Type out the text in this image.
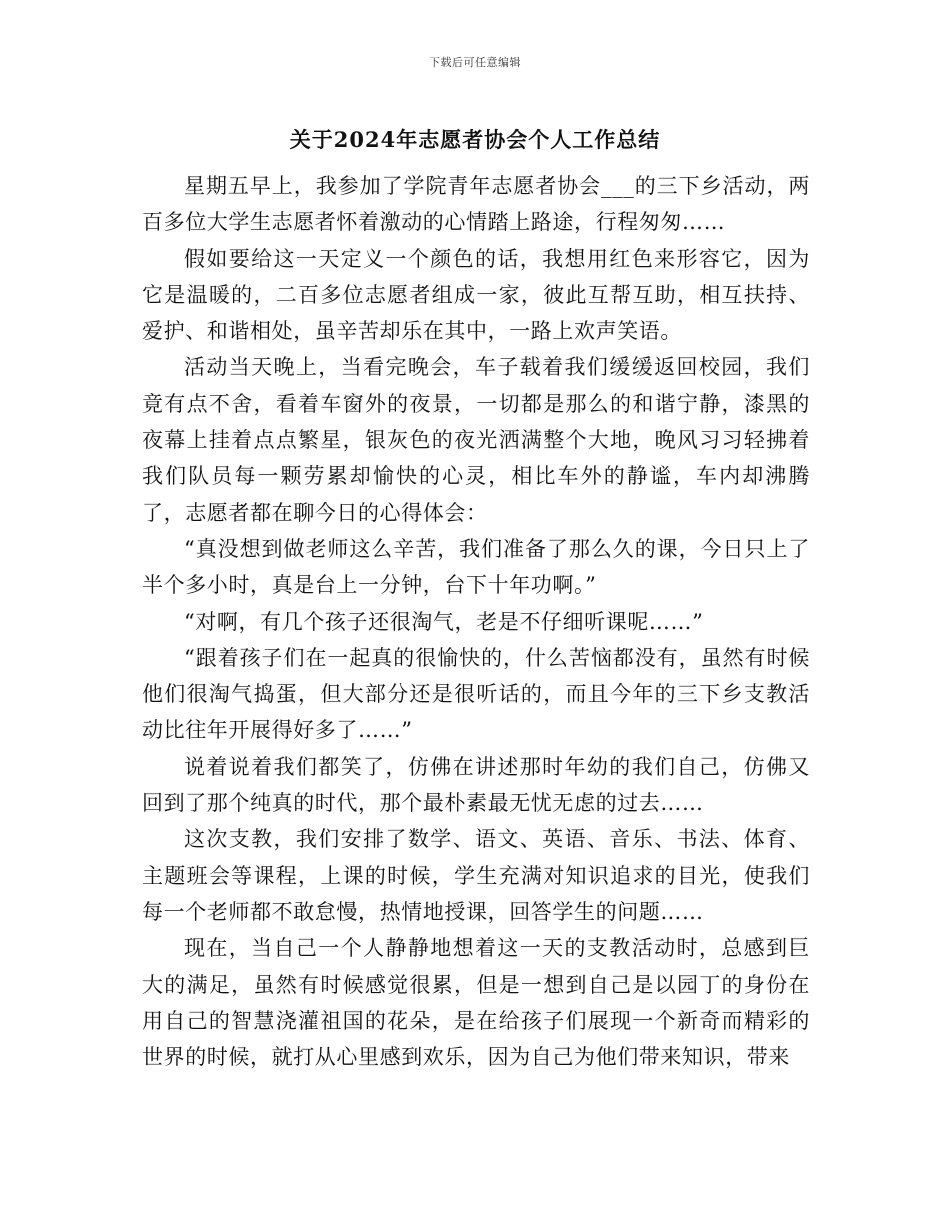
下载后可任意编辑
关于2024年志愿者协会个人工作总结

星期五早上，我参加了学院青年志愿者协会___的三下乡活动，两百多位大学生志愿者怀着激动的心情踏上路途，行程匆匆……

假如要给这一天定义一个颜色的话，我想用红色来形容它，因为它是温暖的，二百多位志愿者组成一家，彼此互帮互助，相互扶持、爱护、和谐相处，虽辛苦却乐在其中，一路上欢声笑语。

活动当天晚上，当看完晚会，车子载着我们缓缓返回校园，我们竟有点不舍，看着车窗外的夜景，一切都是那么的和谐宁静，漆黑的夜幕上挂着点点繁星，银灰色的夜光洒满整个大地，晚风习习轻拂着我们队员每一颗劳累却愉快的心灵，相比车外的静谧，车内却沸腾了，志愿者都在聊今日的心得体会：

“真没想到做老师这么辛苦，我们准备了那么久的课，今日只上了半个多小时，真是台上一分钟，台下十年功啊。”

“对啊，有几个孩子还很淘气，老是不仔细听课呢……”

“跟着孩子们在一起真的很愉快的，什么苦恼都没有，虽然有时候他们很淘气捣蛋，但大部分还是很听话的，而且今年的三下乡支教活动比往年开展得好多了……”

说着说着我们都笑了，仿佛在讲述那时年幼的我们自己，仿佛又回到了那个纯真的时代，那个最朴素最无忧无虑的过去……

这次支教，我们安排了数学、语文、英语、音乐、书法、体育、主题班会等课程，上课的时候，学生充满对知识追求的目光，使我们每一个老师都不敢怠慢，热情地授课，回答学生的问题……

现在，当自己一个人静静地想着这一天的支教活动时，总感到巨大的满足，虽然有时候感觉很累，但是一想到自己是以园丁的身份在用自己的智慧浇灌祖国的花朵，是在给孩子们展现一个新奇而精彩的世界的时候，就打从心里感到欢乐，因为自己为他们带来知识，带来
